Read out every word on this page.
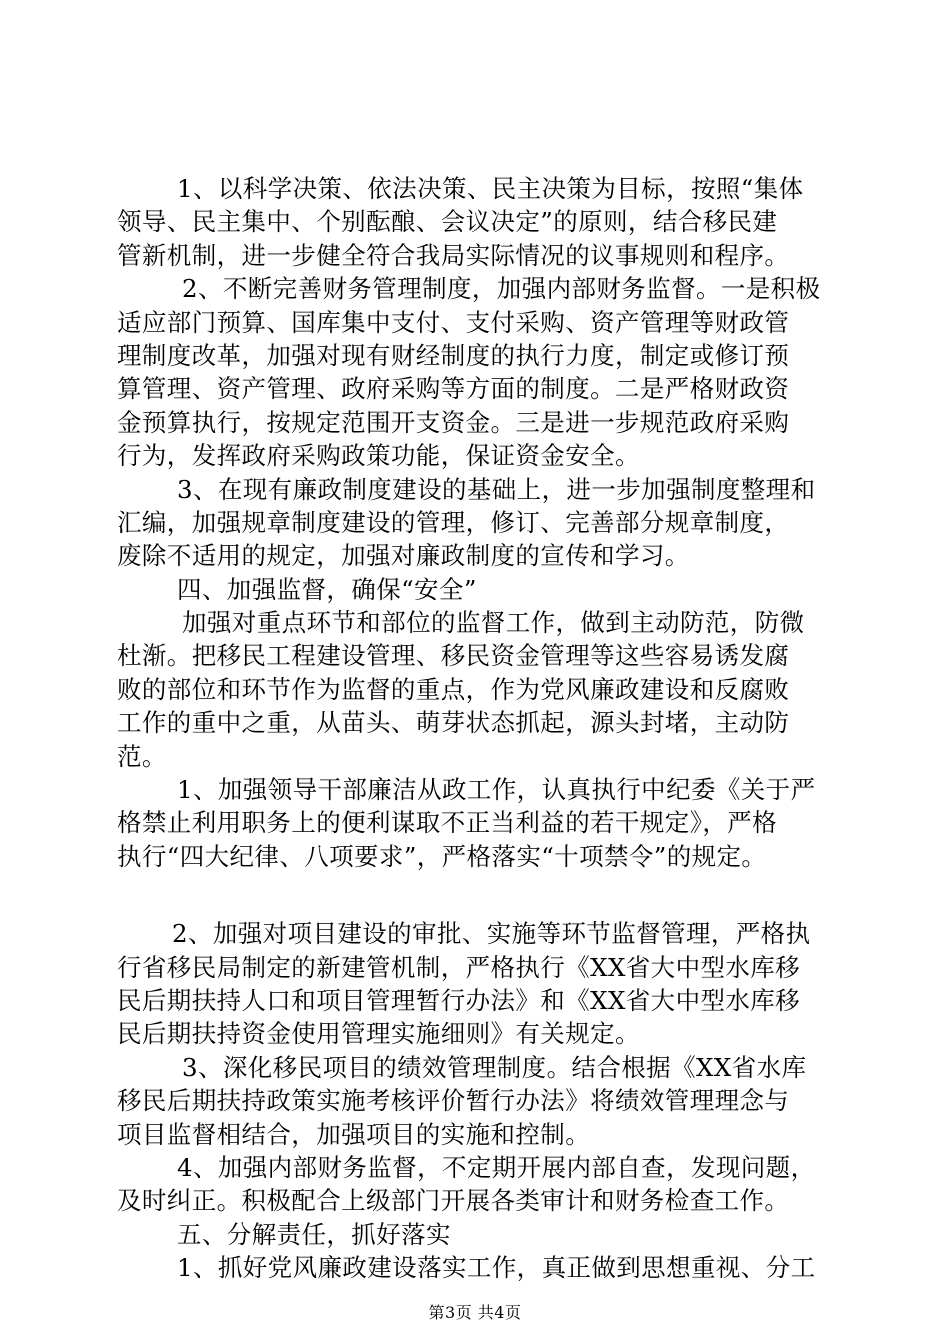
1、以科学决策、依法决策、民主决策为目标，按照“集体
领导、民主集中、个别酝酿、会议决定”的原则，结合移民建
管新机制，进一步健全符合我局实际情况的议事规则和程序。
2、不断完善财务管理制度，加强内部财务监督。一是积极
适应部门预算、国库集中支付、支付采购、资产管理等财政管
理制度改革，加强对现有财经制度的执行力度，制定或修订预
算管理、资产管理、政府采购等方面的制度。二是严格财政资
金预算执行，按规定范围开支资金。三是进一步规范政府采购
行为，发挥政府采购政策功能，保证资金安全。
3、在现有廉政制度建设的基础上，进一步加强制度整理和
汇编，加强规章制度建设的管理，修订、完善部分规章制度，
废除不适用的规定，加强对廉政制度的宣传和学习。
四、加强监督，确保“安全”
加强对重点环节和部位的监督工作，做到主动防范，防微
杜渐。把移民工程建设管理、移民资金管理等这些容易诱发腐
败的部位和环节作为监督的重点，作为党风廉政建设和反腐败
工作的重中之重，从苗头、萌芽状态抓起，源头封堵，主动防
范。
1、加强领导干部廉洁从政工作，认真执行中纪委《关于严
格禁止利用职务上的便利谋取不正当利益的若干规定》，严格
执行“四大纪律、八项要求”，严格落实“十项禁令”的规定。
2、加强对项目建设的审批、实施等环节监督管理，严格执
行省移民局制定的新建管机制，严格执行《XX省大中型水库移
民后期扶持人口和项目管理暂行办法》和《XX省大中型水库移
民后期扶持资金使用管理实施细则》有关规定。
3、深化移民项目的绩效管理制度。结合根据《XX省水库
移民后期扶持政策实施考核评价暂行办法》将绩效管理理念与
项目监督相结合，加强项目的实施和控制。
4、加强内部财务监督，不定期开展内部自查，发现问题，
及时纠正。积极配合上级部门开展各类审计和财务检查工作。
五、分解责任，抓好落实
1、抓好党风廉政建设落实工作，真正做到思想重视、分工
第3页 共4页
